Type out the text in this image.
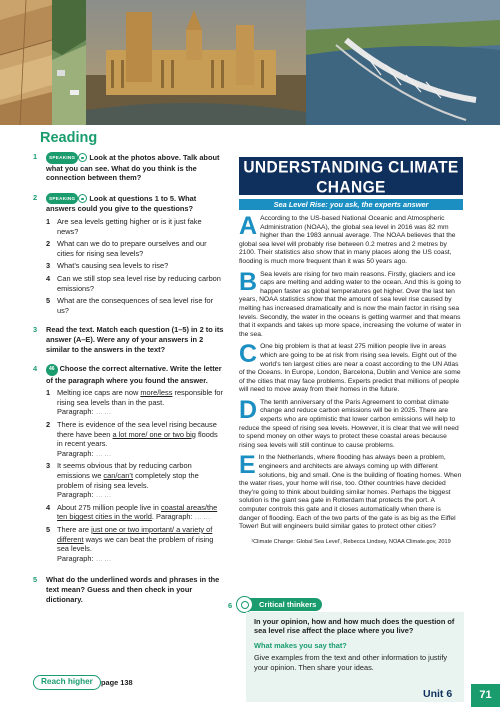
Reading
1	SPEAKING Look at the photos above. Talk about what you can see. What do you think is the connection between them?
2	SPEAKING Look at questions 1 to 5. What answers could you give to the questions?
1 Are sea levels getting higher or is it just fake news?
2 What can we do to prepare ourselves and our cities for rising sea levels?
3 What’s causing sea levels to rise?
4 Can we still stop sea level rise by reducing carbon emissions?
5 What are the consequences of sea level rise for us?
3 Read the text. Match each question (1–5) in 2 to its answer (A–E). Were any of your answers in 2 similar to the answers in the text?
4 46 Choose the correct alternative. Write the letter of the paragraph where you found the answer.
1 Melting ice caps are now more/less responsible for rising sea levels than in the past.
Paragraph: ……
2 There is evidence of the sea level rising because there have been a lot more/ one or two big floods in recent years.
Paragraph: ……
3 It seems obvious that by reducing carbon emissions we can/can’t completely stop the problem of rising sea levels.
Paragraph: ……
4 About 275 million people live in coastal areas/the ten biggest cities in the world. Paragraph: ……
5 There are just one or two important/ a variety of different ways we can beat the problem of rising sea levels.
Paragraph: ……
5 What do the underlined words and phrases in the text mean? Guess and then check in your dictionary.
UNDERSTANDING CLIMATE CHANGE
Sea Level Rise: you ask, the experts answer
A According to the US-based National Oceanic and Atmospheric Administration (NOAA), the global sea level in 2016 was 82 mm higher than the 1983 annual average. The NOAA believes that the global sea level will probably rise between 0.2 metres and 2 metres by 2100. Their statistics also show that in many places along the US coast, flooding is much more frequent than it was 50 years ago.
B Sea levels are rising for two main reasons. Firstly, glaciers and ice caps are melting and adding water to the ocean. And this is going to happen faster as global temperatures get higher. Over the last ten years, NOAA statistics show that the amount of sea level rise caused by melting has increased dramatically and is now the main factor in rising sea levels. Secondly, the water in the oceans is getting warmer and that means that it expands and takes up more space, increasing the volume of water in the sea.
C One big problem is that at least 275 million people live in areas which are going to be at risk from rising sea levels. Eight out of the world’s ten largest cities are near a coast according to the UN Atlas of the Oceans. In Europe, London, Barcelona, Dublin and Venice are some of the cities that may face problems. Experts predict that millions of people will need to move away from their homes in the future.
D The tenth anniversary of the Paris Agreement to combat climate change and reduce carbon emissions will be in 2025. There are experts who are optimistic that lower carbon emissions will help to reduce the speed of rising sea levels. However, it is clear that we will need to spend money on other ways to protect these coastal areas because rising sea levels will still continue to cause problems.
E In the Netherlands, where flooding has always been a problem, engineers and architects are always coming up with different solutions, big and small. One is the building of floating homes. When the water rises, your home will rise, too. Other countries have decided they’re going to think about building similar homes. Perhaps the biggest solution is the giant sea gate in Rotterdam that protects the port. A computer controls this gate and it closes automatically when there is danger of flooding. Each of the two parts of the gate is as big as the Eiffel Tower! But will engineers build similar gates to protect other cities?
¹Climate Change: Global Sea Level’, Rebecca Lindsey, NOAA Climate.gov, 2019
6	Critical thinkers
In your opinion, how and how much does the question of sea level rise affect the place where you live?
What makes you say that?
Give examples from the text and other information to justify your opinion. Then share your ideas.
Reach higher	page 138
Unit 6	71
